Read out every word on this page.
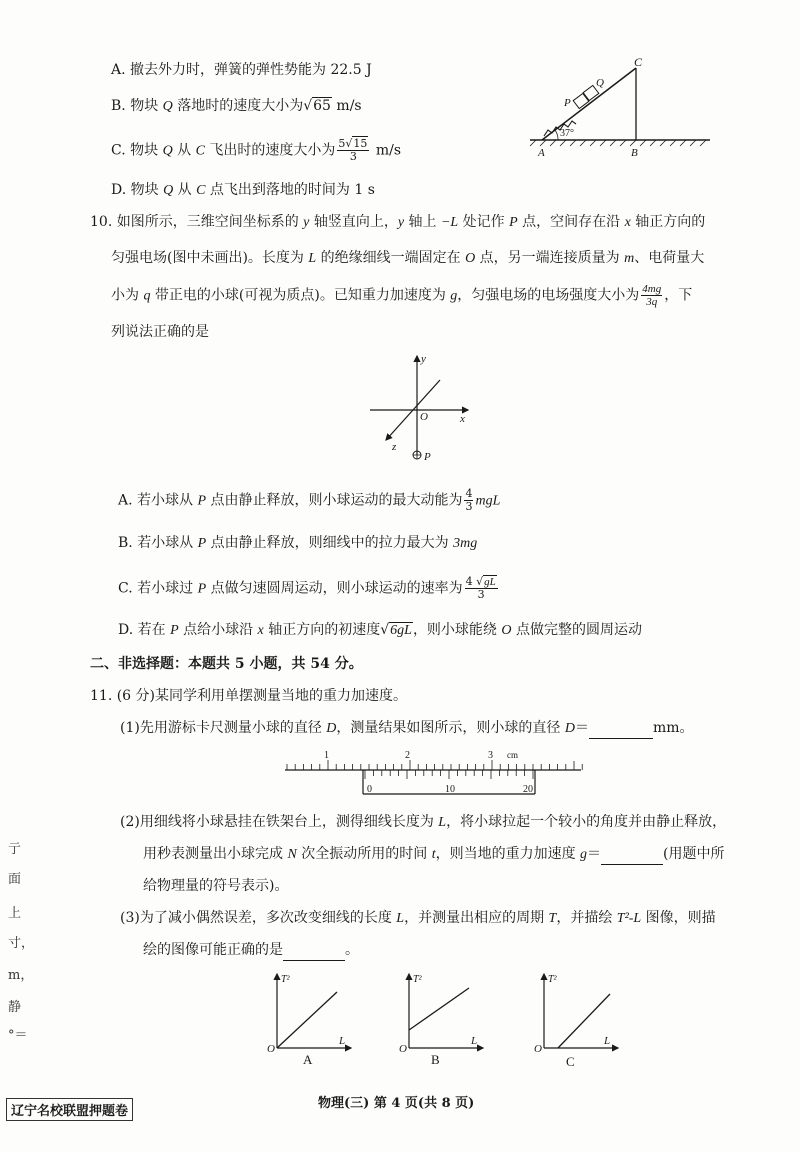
A. 撤去外力时，弹簧的弹性势能为 22.5 J
B. 物块 Q 落地时的速度大小为√65 m/s
C. 物块 Q 从 C 飞出时的速度大小为 $\frac{5√15}{3} m/s$
D. 物块 Q 从 C 点飞出到落地的时间为 1 s
C
Q
P
37°
A	B
10. 如图所示，三维空间坐标系的 y 轴竖直向上，y 轴上 −L 处记作 P 点，空间存在沿 x 轴正方向的
匀强电场(图中未画出)。长度为 L 的绝缘细线一端固定在 O 点，另一端连接质量为 m、电荷量大
小为 q 带正电的小球(可视为质点)。已知重力加速度为 g，匀强电场的电场强度大小为 $\frac{4mg}{3q}$ ，下
列说法正确的是
y
O	x
z
P
A. 若小球从 P 点由静止释放，则小球运动的最大动能为 $\frac{4}{3}$ mgL
B. 若小球从 P 点由静止释放，则细线中的拉力最大为 3mg
C. 若小球过 P 点做匀速圆周运动，则小球运动的速率为 $\frac{4 √gL}{3}$
D. 若在 P 点给小球沿 x 轴正方向的初速度√6gL，则小球能绕 O 点做完整的圆周运动
二、非选择题：本题共 5 小题，共 54 分。
11. (6 分)某同学利用单摆测量当地的重力加速度。
(1)先用游标卡尺测量小球的直径 D，测量结果如图所示，则小球的直径 D＝	mm。
1	2	3 cm
0	10	20
(2)用细线将小球悬挂在铁架台上，测得细线长度为 L，将小球拉起一个较小的角度并由静止释放，
用秒表测量出小球完成 N 次全振动所用的时间 t，则当地的重力加速度 g＝	(用题中所
给物理量的符号表示)。
(3)为了减小偶然误差，多次改变细线的长度 L，并测量出相应的周期 T，并描绘 T²-L 图像，则描
绘的图像可能正确的是	。
T²
L
O
A
T²
L
O
B
T²
L
O
C
亍
面
上
寸，
m，
静
°＝
物理(三) 第 4 页(共 8 页)
辽宁名校联盟押题卷
